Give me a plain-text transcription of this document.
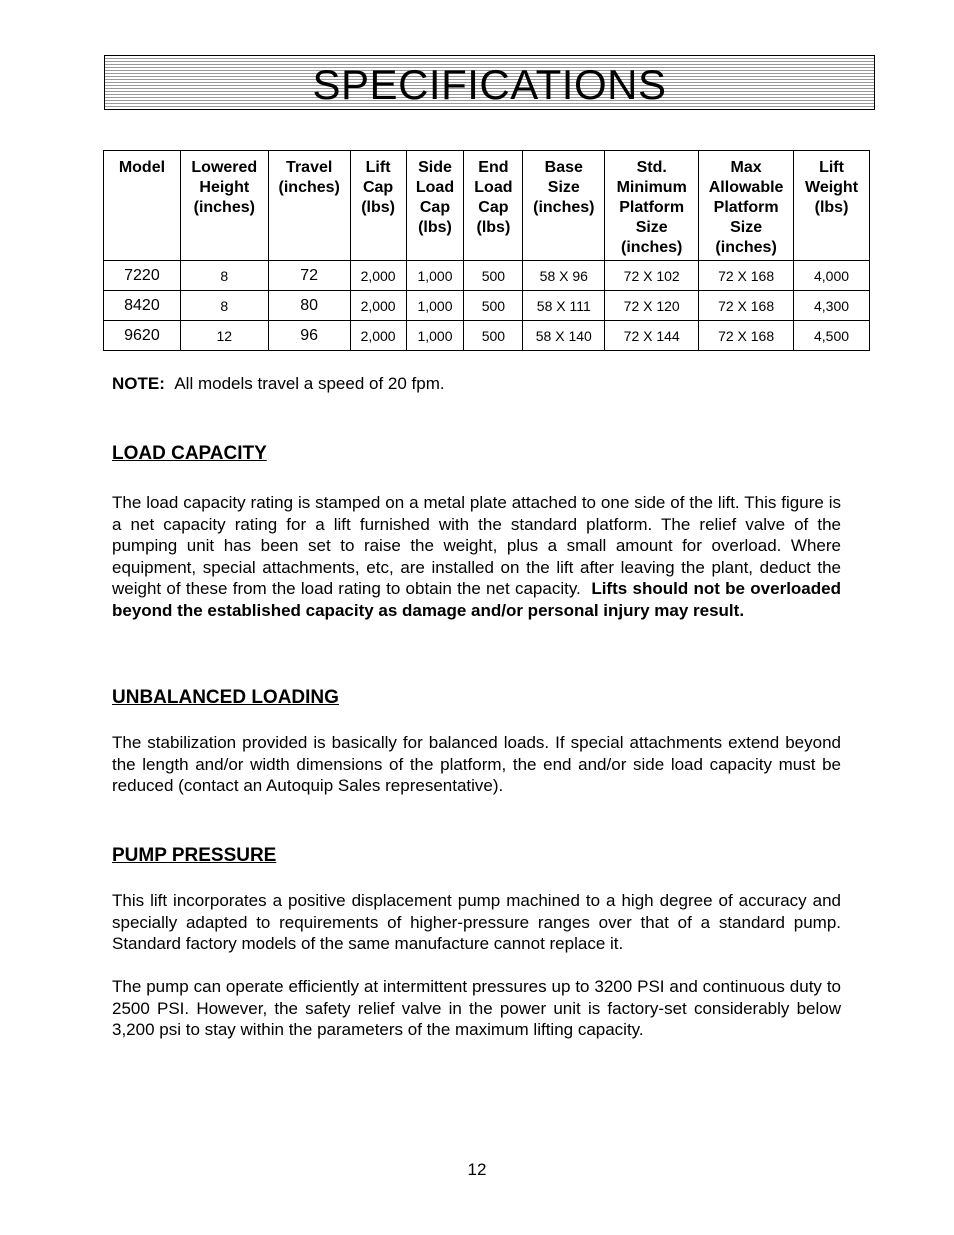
SPECIFICATIONS
Model	Lowered
Height
(inches)	Travel
(inches)	Lift
Cap
(lbs)	Side
Load
Cap
(lbs)	End
Load
Cap
(lbs)	Base
Size
(inches)	Std.
Minimum
Platform
Size
(inches)	Max
Allowable
Platform
Size
(inches)	Lift
Weight
(lbs)
7220	8	72	2,000	1,000	500	58 X 96	72 X 102	72 X 168	4,000
8420	8	80	2,000	1,000	500	58 X 111	72 X 120	72 X 168	4,300
9620	12	96	2,000	1,000	500	58 X 140	72 X 144	72 X 168	4,500
NOTE: All models travel a speed of 20 fpm.
LOAD CAPACITY
The load capacity rating is stamped on a metal plate attached to one side of the lift. This figure is a net capacity rating for a lift furnished with the standard platform. The relief valve of the pumping unit has been set to raise the weight, plus a small amount for overload. Where equipment, special attachments, etc, are installed on the lift after leaving the plant, deduct the weight of these from the load rating to obtain the net capacity. Lifts should not be overloaded beyond the established capacity as damage and/or personal injury may result.
UNBALANCED LOADING
The stabilization provided is basically for balanced loads. If special attachments extend beyond the length and/or width dimensions of the platform, the end and/or side load capacity must be reduced (contact an Autoquip Sales representative).
PUMP PRESSURE
This lift incorporates a positive displacement pump machined to a high degree of accuracy and specially adapted to requirements of higher-pressure ranges over that of a standard pump. Standard factory models of the same manufacture cannot replace it.
The pump can operate efficiently at intermittent pressures up to 3200 PSI and continuous duty to 2500 PSI. However, the safety relief valve in the power unit is factory-set considerably below 3,200 psi to stay within the parameters of the maximum lifting capacity.
12
